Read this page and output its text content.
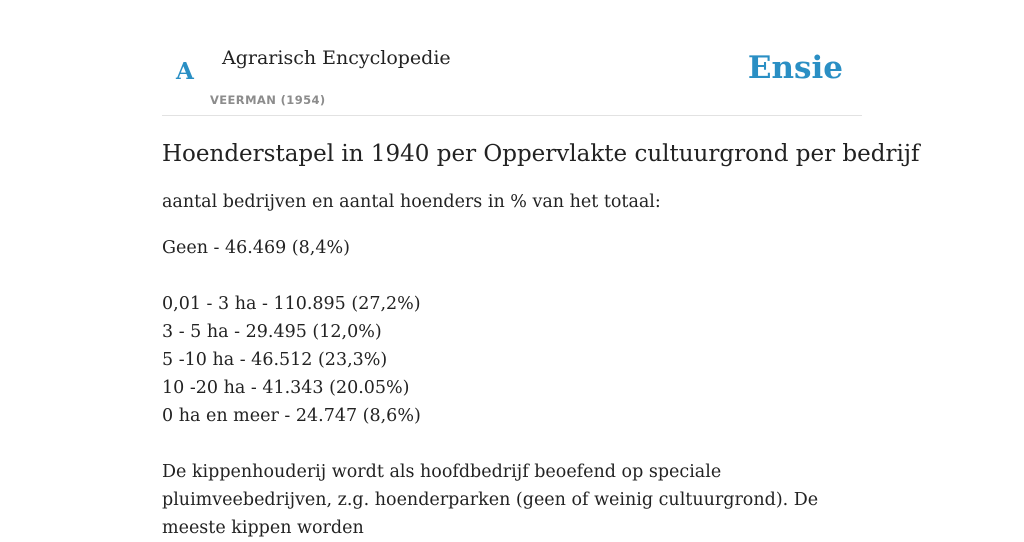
A Agrarisch Encyclopedie
VEERMAN (1954)
Ensie
Hoenderstapel in 1940 per Oppervlakte cultuurgrond per bedrijf

aantal bedrijven en aantal hoenders in % van het totaal:

Geen - 46.469 (8,4%)
0,01 - 3 ha - 110.895 (27,2%)
3 - 5 ha - 29.495 (12,0%)
5 -10 ha - 46.512 (23,3%)
10 -20 ha - 41.343 (20.05%)
0 ha en meer - 24.747 (8,6%)

De kippenhouderij wordt als hoofdbedrijf beoefend op speciale pluimveebedrijven, z.g. hoenderparken (geen of weinig cultuurgrond). De meeste kippen worden
